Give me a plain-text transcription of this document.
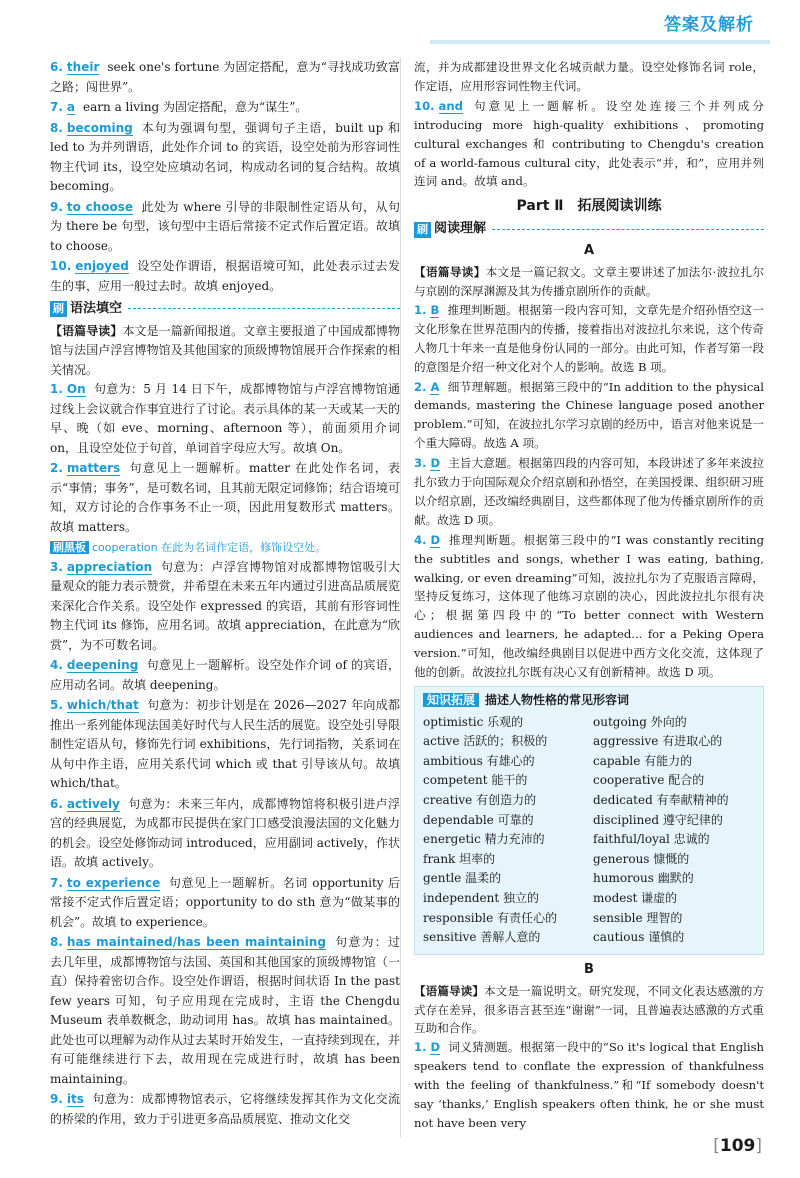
答案及解析
6. their seek one's fortune 为固定搭配，意为“寻找成功致富之路；闯世界”。
7. a earn a living 为固定搭配，意为“谋生”。
8. becoming 本句为强调句型，强调句子主语，built up 和 led to 为并列谓语，此处作介词 to 的宾语，设空处前为形容词性物主代词 its，设空处应填动名词，构成动名词的复合结构。故填 becoming。
9. to choose 此处为 where 引导的非限制性定语从句，从句为 there be 句型，该句型中主语后常接不定式作后置定语。故填 to choose。
10. enjoyed 设空处作谓语，根据语境可知，此处表示过去发生的事，应用一般过去时。故填 enjoyed。
刷 语法填空
【语篇导读】本文是一篇新闻报道。文章主要报道了中国成都博物馆与法国卢浮宫博物馆及其他国家的顶级博物馆展开合作探索的相关情况。
1. On 句意为：5 月 14 日下午，成都博物馆与卢浮宫博物馆通过线上会议就合作事宜进行了讨论。表示具体的某一天或某一天的早、晚（如 eve、morning、afternoon 等），前面须用介词 on，且设空处位于句首，单词首字母应大写。故填 On。
2. matters 句意见上一题解析。matter 在此处作名词，表示“事情；事务”，是可数名词，且其前无限定词修饰；结合语境可知，双方讨论的合作事务不止一项，因此用复数形式 matters。故填 matters。
刷黑板 cooperation 在此为名词作定语，修饰设空处。
3. appreciation 句意为：卢浮宫博物馆对成都博物馆吸引大量观众的能力表示赞赏，并希望在未来五年内通过引进高品质展览来深化合作关系。设空处作 expressed 的宾语，其前有形容词性物主代词 its 修饰，应用名词。故填 appreciation，在此意为“欣赏”，为不可数名词。
4. deepening 句意见上一题解析。设空处作介词 of 的宾语，应用动名词。故填 deepening。
5. which/that 句意为：初步计划是在 2026—2027 年向成都推出一系列能体现法国美好时代与人民生活的展览。设空处引导限制性定语从句，修饰先行词 exhibitions，先行词指物，关系词在从句中作主语，应用关系代词 which 或 that 引导该从句。故填 which/that。
6. actively 句意为：未来三年内，成都博物馆将积极引进卢浮宫的经典展览，为成都市民提供在家门口感受浪漫法国的文化魅力的机会。设空处修饰动词 introduced，应用副词 actively，作状语。故填 actively。
7. to experience 句意见上一题解析。名词 opportunity 后常接不定式作后置定语；opportunity to do sth 意为“做某事的机会”。故填 to experience。
8. has maintained/has been maintaining 句意为：过去几年里，成都博物馆与法国、英国和其他国家的顶级博物馆（一直）保持着密切合作。设空处作谓语，根据时间状语 In the past few years 可知，句子应用现在完成时，主语 the Chengdu Museum 表单数概念，助动词用 has。故填 has maintained。此处也可以理解为动作从过去某时开始发生，一直持续到现在，并有可能继续进行下去，故用现在完成进行时，故填 has been maintaining。
9. its 句意为：成都博物馆表示，它将继续发挥其作为文化交流的桥梁的作用，致力于引进更多高品质展览、推动文化交
流，并为成都建设世界文化名城贡献力量。设空处修饰名词 role，作定语，应用形容词性物主代词。
10. and 句意见上一题解析。设空处连接三个并列成分 introducing more high-quality exhibitions、promoting cultural exchanges 和 contributing to Chengdu's creation of a world-famous cultural city，此处表示“并，和”，应用并列连词 and。故填 and。
Part Ⅱ　拓展阅读训练
刷 阅读理解
A
【语篇导读】本文是一篇记叙文。文章主要讲述了加法尔·波拉扎尔与京剧的深厚渊源及其为传播京剧所作的贡献。
1. B 推理判断题。根据第一段内容可知，文章先是介绍孙悟空这一文化形象在世界范围内的传播，接着指出对波拉扎尔来说，这个传奇人物几十年来一直是他身份认同的一部分。由此可知，作者写第一段的意图是介绍一种文化对个人的影响。故选 B 项。
2. A 细节理解题。根据第三段中的“In addition to the physical demands, mastering the Chinese language posed another problem.”可知，在波拉扎尔学习京剧的经历中，语言对他来说是一个重大障碍。故选 A 项。
3. D 主旨大意题。根据第四段的内容可知，本段讲述了多年来波拉扎尔致力于向国际观众介绍京剧和孙悟空，在美国授课、组织研习班以介绍京剧，还改编经典剧目，这些都体现了他为传播京剧所作的贡献。故选 D 项。
4. D 推理判断题。根据第三段中的“I was constantly reciting the subtitles and songs, whether I was eating, bathing, walking, or even dreaming”可知，波拉扎尔为了克服语言障碍，坚持反复练习，这体现了他练习京剧的决心，因此波拉扎尔很有决心；根据第四段中的“To better connect with Western audiences and learners, he adapted... for a Peking Opera version.”可知，他改编经典剧目以促进中西方文化交流，这体现了他的创新。故波拉扎尔既有决心又有创新精神。故选 D 项。
知识拓展 描述人物性格的常见形容词
optimistic 乐观的	outgoing 外向的
active 活跃的；积极的	aggressive 有进取心的
ambitious 有雄心的	capable 有能力的
competent 能干的	cooperative 配合的
creative 有创造力的	dedicated 有奉献精神的
dependable 可靠的	disciplined 遵守纪律的
energetic 精力充沛的	faithful/loyal 忠诚的
frank 坦率的	generous 慷慨的
gentle 温柔的	humorous 幽默的
independent 独立的	modest 谦虚的
responsible 有责任心的	sensible 理智的
sensitive 善解人意的	cautious 谨慎的
B
【语篇导读】本文是一篇说明文。研究发现，不同文化表达感激的方式存在差异，很多语言甚至连“谢谢”一词，且普遍表达感激的方式重互助和合作。
1. D 词义猜测题。根据第一段中的“So it's logical that English speakers tend to conflate the expression of thankfulness with the feeling of thankfulness.”和“If somebody doesn't say ‘thanks,’ English speakers often think, he or she must not have been very
[109]
